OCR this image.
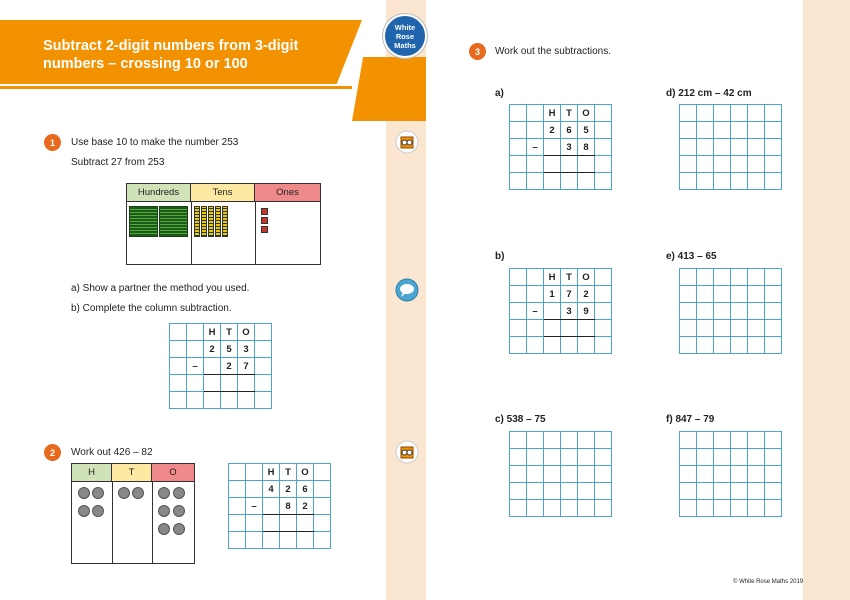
Subtract 2-digit numbers from 3-digit
numbers – crossing 10 or 100
White
Rose
Maths
1	Use base 10 to make the number 253
Subtract 27 from 253
Hundreds	Tens	Ones
a) Show a partner the method you used.
b) Complete the column subtraction.
		H	T	O	
		2	5	3	
	–		2	7	

2	Work out 426 – 82
H	T	O
			H	T	O	
		4	2	6	
	–		8	2	

3	Work out the subtractions.
a)
		H	T	O	
		2	6	5	
	–		3	8	

b)
		H	T	O	
		1	7	2	
	–		3	9	

c) 538 – 75

d) 212 cm – 42 cm

e) 413 – 65

f) 847 – 79

© White Rose Maths 2019
